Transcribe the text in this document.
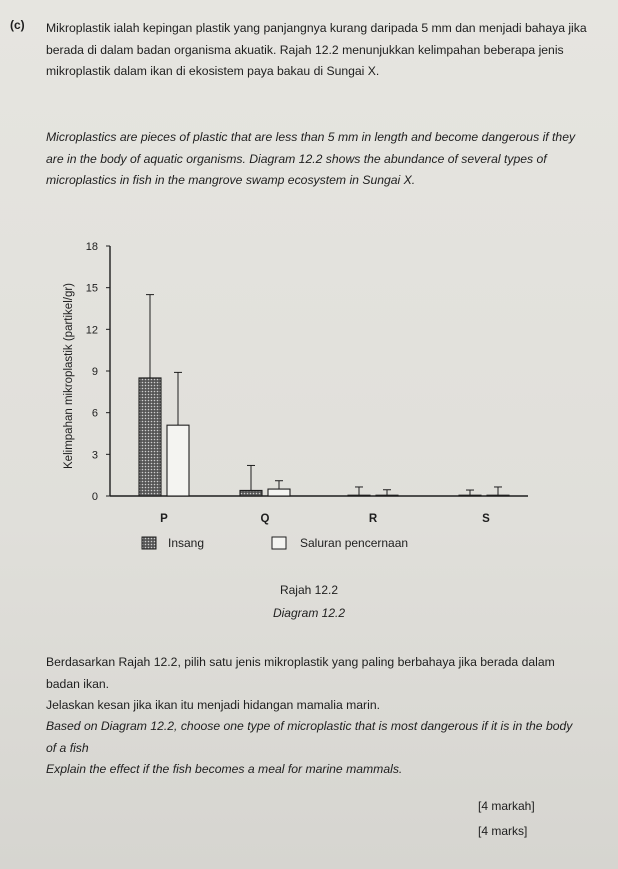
(c) Mikroplastik ialah kepingan plastik yang panjangnya kurang daripada 5 mm dan menjadi bahaya jika berada di dalam badan organisma akuatik. Rajah 12.2 menunjukkan kelimpahan beberapa jenis mikroplastik dalam ikan di ekosistem paya bakau di Sungai X.
Microplastics are pieces of plastic that are less than 5 mm in length and become dangerous if they are in the body of aquatic organisms. Diagram 12.2 shows the abundance of several types of microplastics in fish in the mangrove swamp ecosystem in Sungai X.
0
3
6
9
12
15
18
Kelimpahan mikroplastik (partikel/gr)
P	Q	R	S
Insang	Saluran pencernaan
Rajah 12.2
Diagram 12.2
Berdasarkan Rajah 12.2, pilih satu jenis mikroplastik yang paling berbahaya jika berada dalam badan ikan.
Jelaskan kesan jika ikan itu menjadi hidangan mamalia marin.
Based on Diagram 12.2, choose one type of microplastic that is most dangerous if it is in the body of a fish
Explain the effect if the fish becomes a meal for marine mammals.
[4 markah]
[4 marks]
